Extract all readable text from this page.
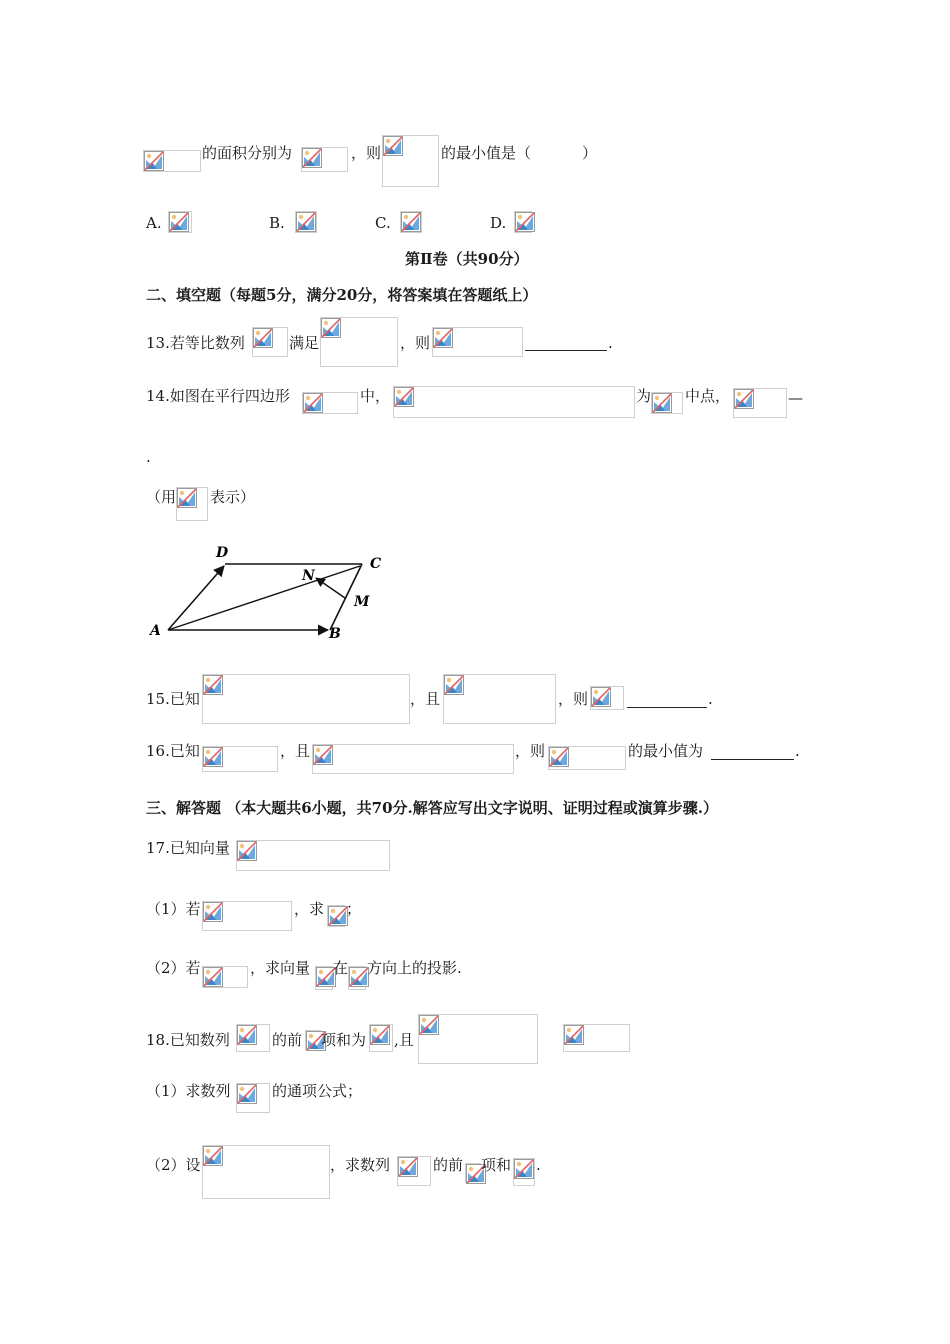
的面积分别为	，则	的最小值是（	）
A.	B.	C.	D.
第Ⅱ卷（共90分）
二、填空题（每题5分，满分20分，将答案填在答题纸上）
13.若等比数列	满足	，则	.
14.如图在平行四边形	中，	为 中点，	—
.
（用 表示）
A	B
C
D
M
N
15.已知	，且	，则	.
16.已知	，且	，则	的最小值为	.
三、解答题 （本大题共6小题，共70分.解答应写出文字说明、证明过程或演算步骤.）
17.已知向量
（1）若	，求 ；
（2）若	，求向量 在 方向上的投影.
18.已知数列	的前 项和为 ,且
（1）求数列	的通项公式；
（2）设	，求数列	的前 项和 .
